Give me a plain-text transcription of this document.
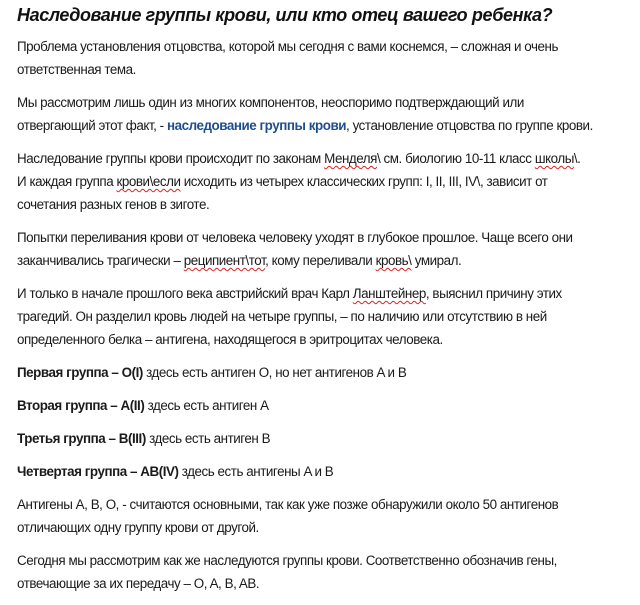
Наследование группы крови, или кто отец вашего ребенка?
Проблема установления отцовства, которой мы сегодня с вами коснемся, – сложная и очень
ответственная тема.
Мы рассмотрим лишь один из многих компонентов, неоспоримо подтверждающий или
отвергающий этот факт, - наследование группы крови, установление отцовства по группе крови.
Наследование группы крови происходит по законам Менделя\ см. биологию 10-11 класс школы\.
И каждая группа крови\если исходить из четырех классических групп: I, II, III, IV\, зависит от
сочетания разных генов в зиготе.
Попытки переливания крови от человека человеку уходят в глубокое прошлое. Чаще всего они
заканчивались трагически – реципиент\тот, кому переливали кровь\ умирал.
И только в начале прошлого века австрийский врач Карл Ланштейнер, выяснил причину этих
трагедий. Он разделил кровь людей на четыре группы, – по наличию или отсутствию в ней
определенного белка – антигена, находящегося в эритроцитах человека.
Первая группа – O(I) здесь есть антиген O, но нет антигенов A и B
Вторая группа – A(II) здесь есть антиген A
Третья группа – B(III) здесь есть антиген B
Четвертая группа – AB(IV) здесь есть антигены A и B
Антигены A, B, O, - считаются основными, так как уже позже обнаружили около 50 антигенов
отличающих одну группу крови от другой.
Сегодня мы рассмотрим как же наследуются группы крови. Соответственно обозначив гены,
отвечающие за их передачу – O, A, B, AB.
